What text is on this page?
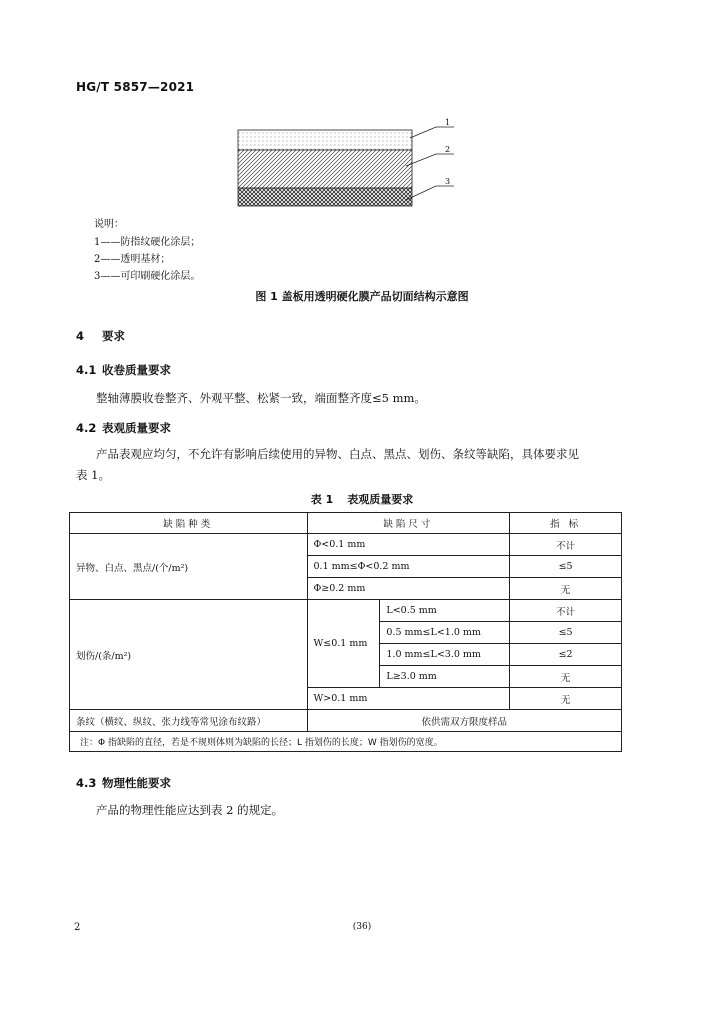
HG/T 5857—2021
1
2
3
说明：
1——防指纹硬化涂层；
2——透明基材；
3——可印刷硬化涂层。
图 1 盖板用透明硬化膜产品切面结构示意图
4 要求
4.1 收卷质量要求
整轴薄膜收卷整齐、外观平整、松紧一致，端面整齐度≤5 mm。
4.2 表观质量要求
产品表观应均匀，不允许有影响后续使用的异物、白点、黑点、划伤、条纹等缺陷，具体要求见
表 1。
表 1 表观质量要求
缺陷种类	缺陷尺寸		指 标
异物、白点、黑点/(个/m²)	Φ<0.1 mm		不计
	0.1 mm≤Φ<0.2 mm		≤5
	Φ≥0.2 mm		无
划伤/(条/m²)	W≤0.1 mm	L<0.5 mm	不计
		0.5 mm≤L<1.0 mm	≤5
		1.0 mm≤L<3.0 mm	≤2
		L≥3.0 mm	无
	W>0.1 mm		无
条纹（横纹、纵纹、张力线等常见涂布纹路）	依供需双方限度样品		
注：Φ 指缺陷的直径，若是不规则体则为缺陷的长径；L 指划伤的长度；W 指划伤的宽度。			
4.3 物理性能要求
产品的物理性能应达到表 2 的规定。
2	(36)
